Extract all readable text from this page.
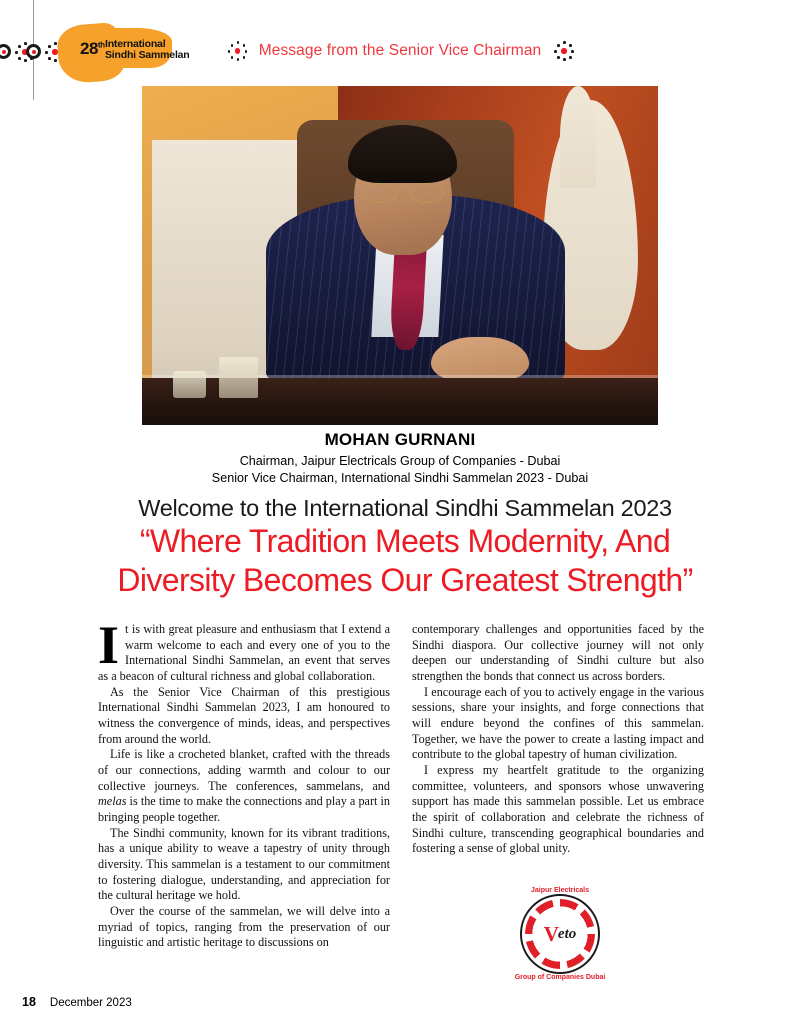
28th International
Sindhi Sammelan	Message from the Senior Vice Chairman
MOHAN GURNANI
Chairman, Jaipur Electricals Group of Companies - Dubai
Senior Vice Chairman, International Sindhi Sammelan 2023 - Dubai
Welcome to the International Sindhi Sammelan 2023
“Where Tradition Meets Modernity, And
Diversity Becomes Our Greatest Strength”

It is with great pleasure and enthusiasm that I extend a warm welcome to each and every one of you to the International Sindhi Sammelan, an event that serves as a beacon of cultural richness and global collaboration.

As the Senior Vice Chairman of this prestigious International Sindhi Sammelan 2023, I am honoured to witness the convergence of minds, ideas, and perspectives from around the world.

Life is like a crocheted blanket, crafted with the threads of our connections, adding warmth and colour to our collective journeys. The conferences, sammelans, and melas is the time to make the connections and play a part in bringing people together.

The Sindhi community, known for its vibrant traditions, has a unique ability to weave a tapestry of unity through diversity. This sammelan is a testament to our commitment to fostering dialogue, understanding, and appreciation for the cultural heritage we hold.

Over the course of the sammelan, we will delve into a myriad of topics, ranging from the preservation of our linguistic and artistic heritage to discussions on

contemporary challenges and opportunities faced by the Sindhi diaspora. Our collective journey will not only deepen our understanding of Sindhi culture but also strengthen the bonds that connect us across borders.

I encourage each of you to actively engage in the various sessions, share your insights, and forge connections that will endure beyond the confines of this sammelan. Together, we have the power to create a lasting impact and contribute to the global tapestry of human civilization.

I express my heartfelt gratitude to the organizing committee, volunteers, and sponsors whose unwavering support has made this sammelan possible. Let us embrace the spirit of collaboration and celebrate the richness of Sindhi culture, transcending geographical boundaries and fostering a sense of global unity.

Jaipur Electricals
V eto
Group of Companies Dubai
18 December 2023
